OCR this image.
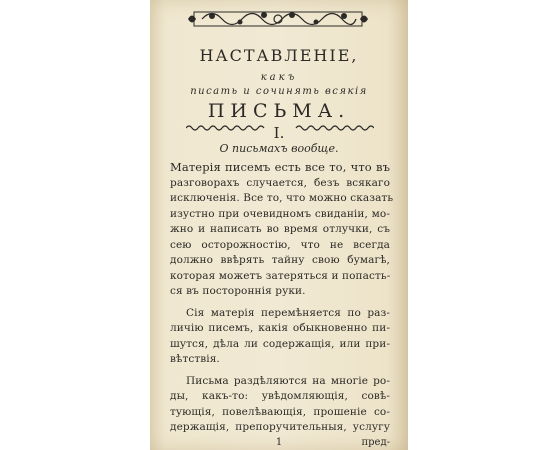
НАСТАВЛЕНІЕ,
какъ
писать и сочинять всякія
ПИСЬМА.
I.
О письмахъ вообще.
Матерія писемъ есть все то, что въ
разговорахъ случается, безъ всякаго
исключенія. Все то, что можно сказать
изустно при очевидномъ свиданіи, мо-
жно и написать во время отлучки, съ
сею осторожностію, что не всегда
должно ввѣрять тайну свою бумагѣ,
которая можетъ затеряться и попасть-
ся въ постороннія руки.
Сія матерія перемѣняется по раз-
личію писемъ, какія обыкновенно пи-
шутся, дѣла ли содержащія, или при-
вѣтствія.
Письма раздѣляются на многіе ро-
ды, какъ-то: увѣдомляющія, совѣ-
тующія, повелѣвающія, прошеніе со-
держащія, препоручительныя, услугу
1	пред-
